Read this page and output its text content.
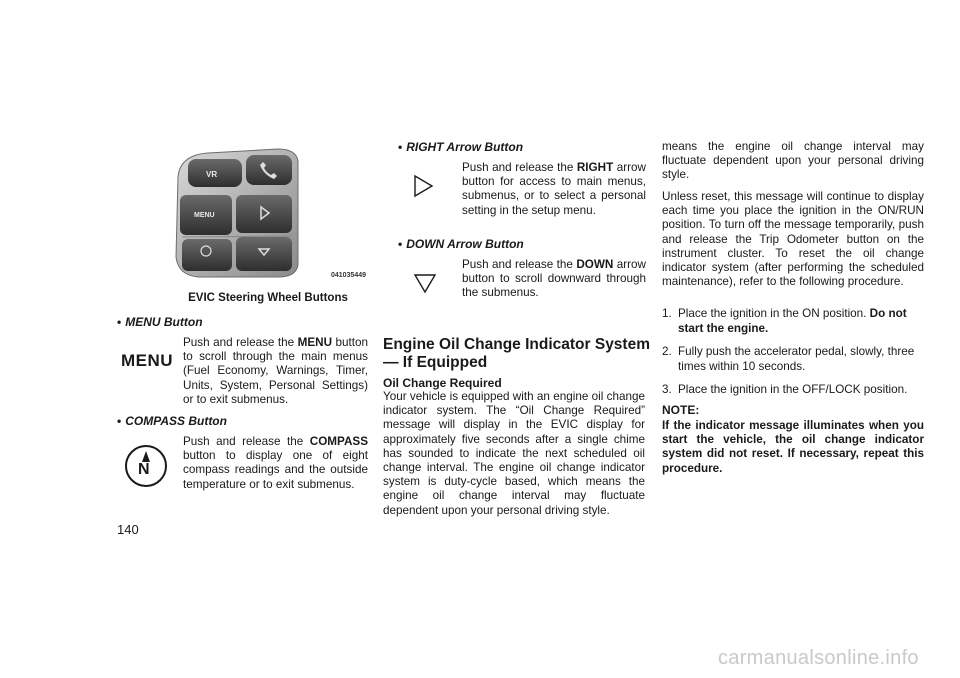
VR
MENU
041035449
EVIC Steering Wheel Buttons
• MENU Button
MENU
Push and release the MENU button to scroll through the main menus (Fuel Economy, Warnings, Timer, Units, System, Personal Settings) or to exit submenus.
• COMPASS Button
N
Push and release the COMPASS button to display one of eight compass readings and the outside temperature or to exit submenus.
140
• RIGHT Arrow Button
Push and release the RIGHT arrow button for access to main menus, submenus, or to select a personal setting in the setup menu.
• DOWN Arrow Button
Push and release the DOWN arrow button to scroll downward through the submenus.
Engine Oil Change Indicator System
— If Equipped
Oil Change Required
Your vehicle is equipped with an engine oil change indicator system. The “Oil Change Required” message will display in the EVIC display for approximately five seconds after a single chime has sounded to indicate the next scheduled oil change interval. The engine oil change indicator system is duty-cycle based, which means the engine oil change interval may fluctuate dependent upon your personal driving style.
means the engine oil change interval may fluctuate dependent upon your personal driving style.
Unless reset, this message will continue to display each time you place the ignition in the ON/RUN position. To turn off the message temporarily, push and release the Trip Odometer button on the instrument cluster. To reset the oil change indicator system (after performing the scheduled maintenance), refer to the following procedure.
1. Place the ignition in the ON position. Do not start the engine.
2. Fully push the accelerator pedal, slowly, three times within 10 seconds.
3. Place the ignition in the OFF/LOCK position.
NOTE:
If the indicator message illuminates when you start the vehicle, the oil change indicator system did not reset. If necessary, repeat this procedure.
carmanualsonline.info
